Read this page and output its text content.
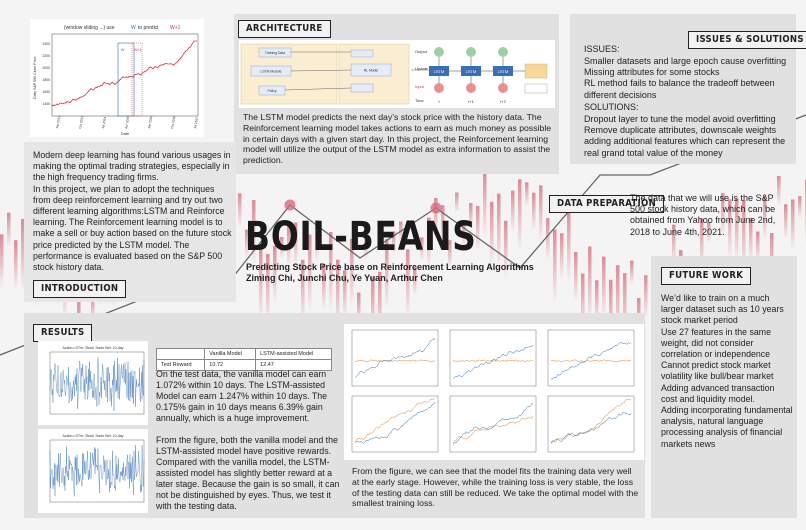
ARCHITECTURE
Training Data
LSTM Module
Policy
RL Model
Output
Update
Input
Time
LSTM
t
LSTM
t+1
LSTM
t+2
The LSTM model predicts the next day’s stock price with the history data. The Reinforcement learning model takes actions to earn as much money as possible in certain days with a given start day. In this project, the Reinforcement learning model will utilize the output of the LSTM model as extra information to assist the prediction.
ISSUES & SOLUTIONS
ISSUES:
Smaller datasets and large epoch cause overfitting
Missing attributes for some stocks
RL method fails to balance the tradeoff between different decisions
SOLUTIONS:
Dropout layer to tune the model avoid overfitting
Remove duplicate attributes, downscale weights adding additional features which can represent the real grand total value of the money
(window sliding ...) use	W to predict W+1
Daily S&P 500 Close Price
Date
W	W+1
2400
2200
2000
1800
1600
1400
Jan 2013	Oct 2013	Jul 2014	Apr 2015	Jan 2016	Oct 2016	Jul 2017
Modern deep learning has found various usages in making the optimal trading strategies, especially in the high frequency trading firms.
In this project, we plan to adopt the techniques from deep reinforcement learning and try out two different learning algorithms:LSTM and Reinforce learning. The Reinforcement learning model is to make a sell or buy action based on the future stock price predicted by the LSTM model. The performance is evaluated based on the S&P 500 stock history data.
INTRODUCTION
BOIL-BEANS
Predicting Stock Price base on Reinforcement Learning Algorithms
Ziming Chi, Junchi Chu, Ye Yuan, Arthur Chen
DATA PREPARATION
The data that we will use is the S&P 500 stock history data, which can be obtained from Yahoo from June 2nd, 2018 to June 4th, 2021.
FUTURE WORK
We’d like to train on a much larger dataset such as 10 years stock market period
Use 27 features in the same weight, did not consider correlation or independence
Cannot predict stock market volatility like bull/bear market
Adding advanced transaction cost and liquidity model.
Adding incorporating fundamental analysis, natural language processing analysis of financial markets news
RESULTS
Action LSTm: Stock Trade Bet: 10 day
Action LSTm: Stock Trade Bet: 10 day
	Vanilla Model	LSTM-assisted Model
Test Reward	10.72	12.47
On the test data, the vanilla model can earn 1.072% within 10 days. The LSTM-assisted Model can earn 1.247% within 10 days. The 0.175% gain in 10 days means 6.39% gain annually, which is a huge improvement.
From the figure, both the vanilla model and the LSTM-assisted model have positive rewards. Compared with the vanilla model, the LSTM-assisted model has slightly better reward at a later stage. Because the gain is so small, it can not be distinguished by eyes. Thus, we test it with the testing data.
From the figure, we can see that the model fits the training data very well at the early stage. However, while the training loss is very stable, the loss of the testing data can still be reduced. We take the optimal model with the smallest training loss.
